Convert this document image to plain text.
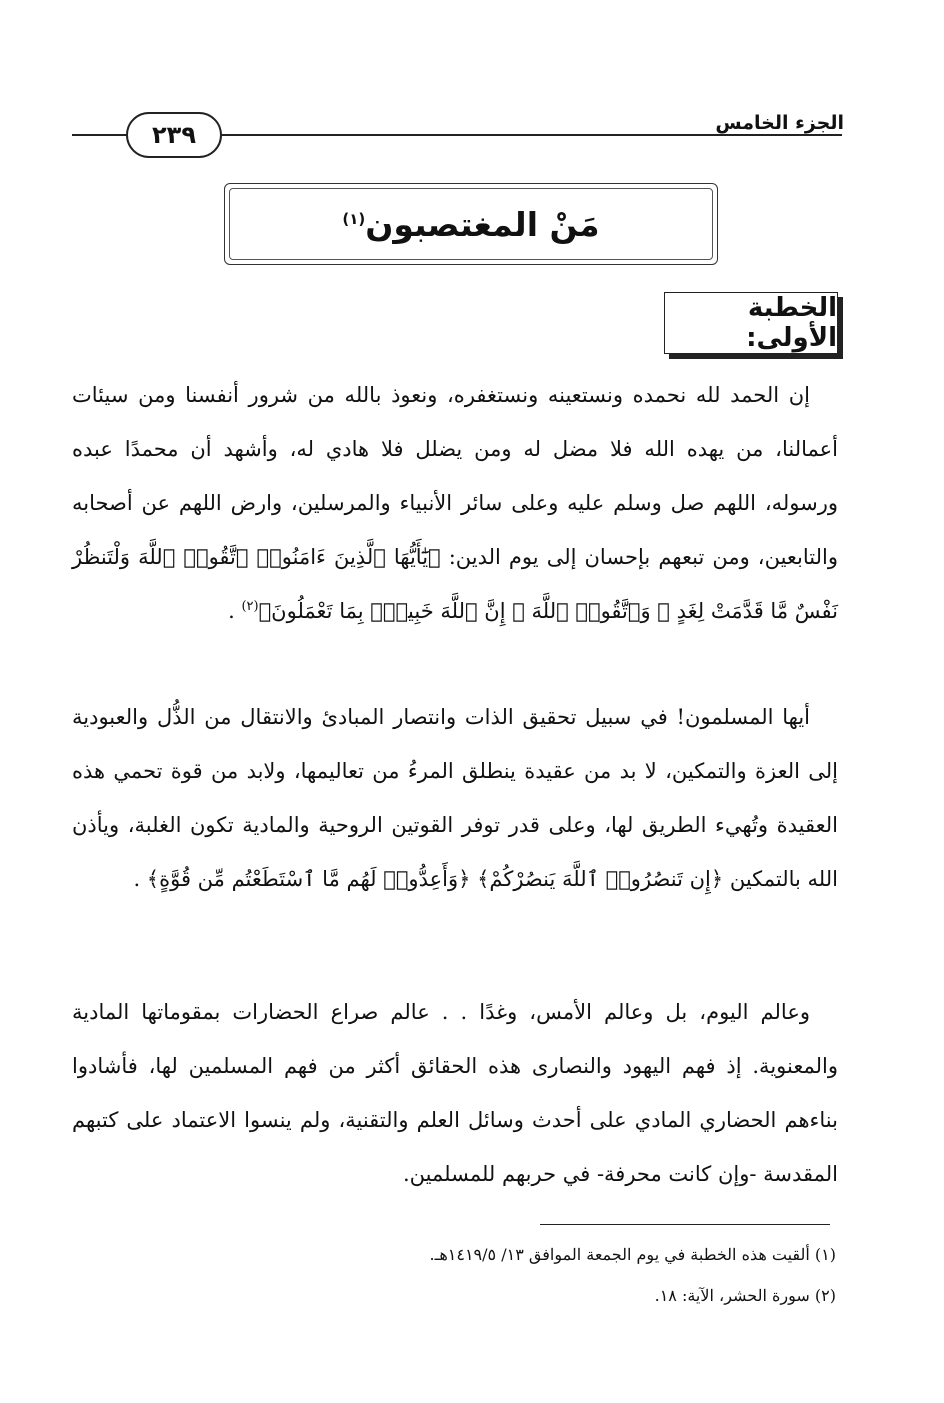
٢٣٩	الجزء الخامس
مَنْ المغتصبون$^{(١)}$
الخطبة الأولى:
إن الحمد لله نحمده ونستعينه ونستغفره، ونعوذ بالله من شرور أنفسنا ومن سيئات أعمالنا، من يهده الله فلا مضل له ومن يضلل فلا هادي له، وأشهد أن محمدًا عبده ورسوله، اللهم صل وسلم عليه وعلى سائر الأنبياء والمرسلين، وارض اللهم عن أصحابه والتابعين، ومن تبعهم بإحسان إلى يوم الدين: ﴿يَٰٓأَيُّهَا ٱلَّذِينَ ءَامَنُوا۟ ٱتَّقُوا۟ ٱللَّهَ وَلْتَنظُرْ نَفْسٌ مَّا قَدَّمَتْ لِغَدٍ ۖ وَٱتَّقُوا۟ ٱللَّهَ ۚ إِنَّ ٱللَّهَ خَبِيرٌۢ بِمَا تَعْمَلُونَ﴾$^{(٢)}$ .
أيها المسلمون! في سبيل تحقيق الذات وانتصار المبادئ والانتقال من الذُّل والعبودية إلى العزة والتمكين، لا بد من عقيدة ينطلق المرءُ من تعاليمها، ولابد من قوة تحمي هذه العقيدة وتُهيء الطريق لها، وعلى قدر توفر القوتين الروحية والمادية تكون الغلبة، ويأذن الله بالتمكين ﴿إِن تَنصُرُوا۟ ٱللَّهَ يَنصُرْكُمْ﴾ ﴿وَأَعِدُّوا۟ لَهُم مَّا ٱسْتَطَعْتُم مِّن قُوَّةٍ﴾ .
وعالم اليوم، بل وعالم الأمس، وغدًا . . عالم صراع الحضارات بمقوماتها المادية والمعنوية. إذ فهم اليهود والنصارى هذه الحقائق أكثر من فهم المسلمين لها، فأشادوا بناءهم الحضاري المادي على أحدث وسائل العلم والتقنية، ولم ينسوا الاعتماد على كتبهم المقدسة -وإن كانت محرفة- في حربهم للمسلمين.
(١) ألقيت هذه الخطبة في يوم الجمعة الموافق ١٣/ ١٤١٩/٥هـ.
(٢) سورة الحشر، الآية: ١٨.
